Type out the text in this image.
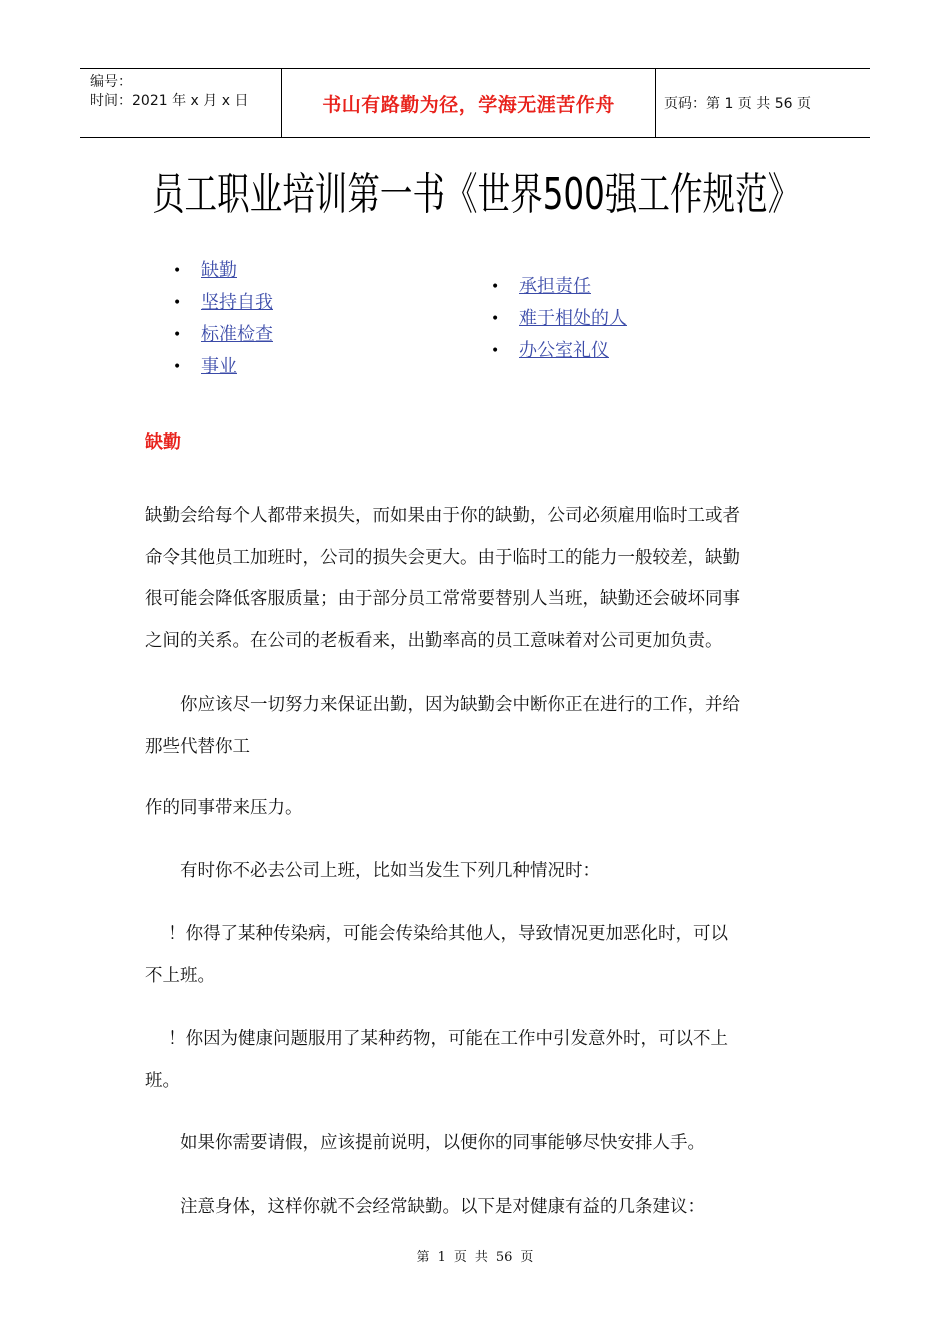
编号：
时间：2021 年 x 月 x 日	书山有路勤为径，学海无涯苦作舟	页码：第 1 页 共 56 页
员工职业培训第一书《世界500强工作规范》
• 缺勤
• 坚持自我
• 标准检查
• 事业
• 承担责任
• 难于相处的人
• 办公室礼仪
缺勤
缺勤会给每个人都带来损失，而如果由于你的缺勤，公司必须雇用临时工或者
命令其他员工加班时，公司的损失会更大。由于临时工的能力一般较差，缺勤
很可能会降低客服质量；由于部分员工常常要替别人当班，缺勤还会破坏同事
之间的关系。在公司的老板看来，出勤率高的员工意味着对公司更加负责。
　　你应该尽一切努力来保证出勤，因为缺勤会中断你正在进行的工作，并给
那些代替你工
作的同事带来压力。
　　有时你不必去公司上班，比如当发生下列几种情况时：
　 ！你得了某种传染病，可能会传染给其他人，导致情况更加恶化时，可以
不上班。
　 ！你因为健康问题服用了某种药物，可能在工作中引发意外时，可以不上
班。
　　如果你需要请假，应该提前说明，以便你的同事能够尽快安排人手。
　　注意身体，这样你就不会经常缺勤。以下是对健康有益的几条建议：
第 1 页 共 56 页
